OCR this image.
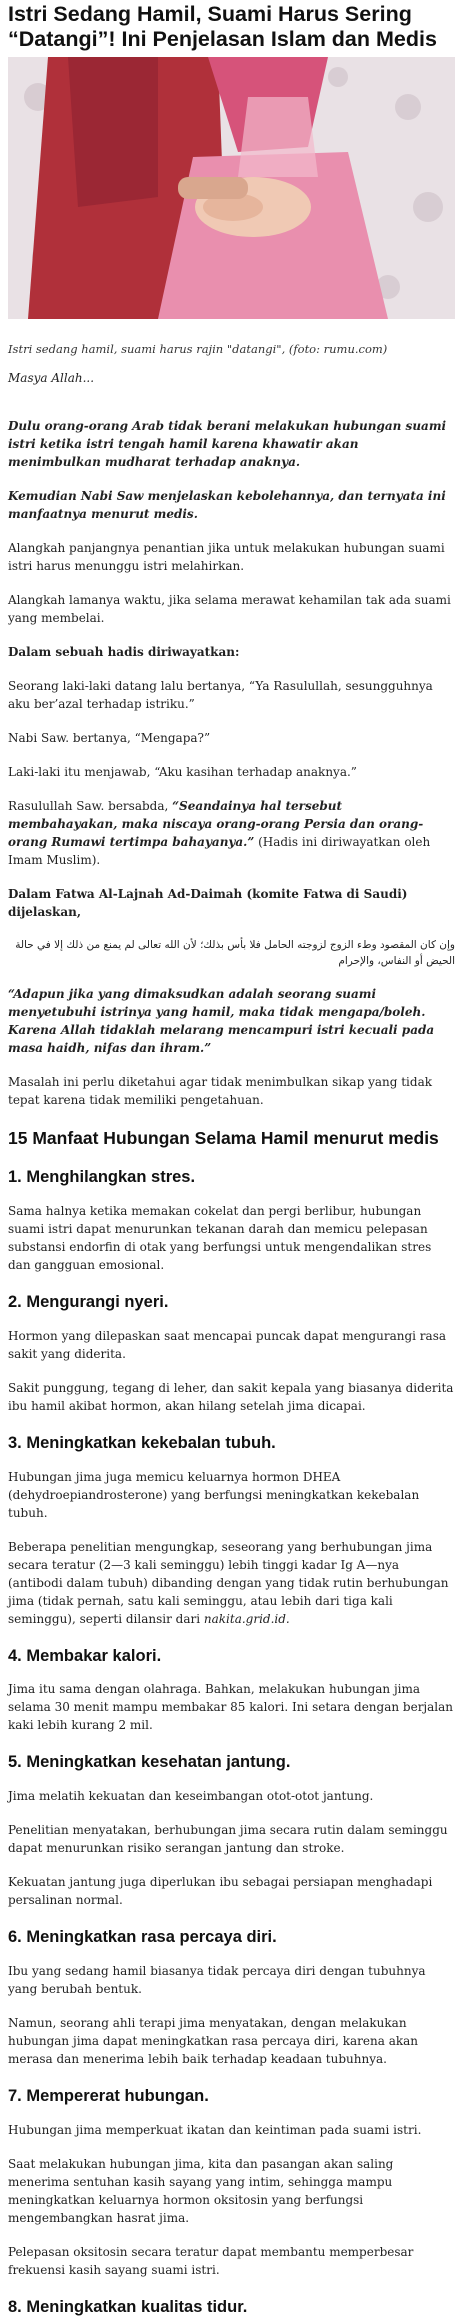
Istri Sedang Hamil, Suami Harus Sering “Datangi”! Ini Penjelasan Islam dan Medis

Istri sedang hamil, suami harus rajin "datangi", (foto: rumu.com)

Masya Allah...

Dulu orang-orang Arab tidak berani melakukan hubungan suami istri ketika istri tengah hamil karena khawatir akan menimbulkan mudharat terhadap anaknya.

Kemudian Nabi Saw menjelaskan kebolehannya, dan ternyata ini manfaatnya menurut medis.

Alangkah panjangnya penantian jika untuk melakukan hubungan suami istri harus menunggu istri melahirkan.

Alangkah lamanya waktu, jika selama merawat kehamilan tak ada suami yang membelai.

Dalam sebuah hadis diriwayatkan:

Seorang laki-laki datang lalu bertanya, “Ya Rasulullah, sesungguhnya aku ber’azal terhadap istriku.”

Nabi Saw. bertanya, “Mengapa?”

Laki-laki itu menjawab, “Aku kasihan terhadap anaknya.”

Rasulullah Saw. bersabda, “Seandainya hal tersebut membahayakan, maka niscaya orang-orang Persia dan orang-orang Rumawi tertimpa bahayanya.” (Hadis ini diriwayatkan oleh Imam Muslim).

Dalam Fatwa Al-Lajnah Ad-Daimah (komite Fatwa di Saudi) dijelaskan,

وإن كان المقصود وطء الزوج لزوجته الحامل فلا بأس بذلك؛ لأن الله تعالى لم يمنع من ذلك إلا في حالة الحيض أو النفاس، والإحرام

“Adapun jika yang dimaksudkan adalah seorang suami menyetubuhi istrinya yang hamil, maka tidak mengapa/boleh. Karena Allah tidaklah melarang mencampuri istri kecuali pada masa haidh, nifas dan ihram.”

Masalah ini perlu diketahui agar tidak menimbulkan sikap yang tidak tepat karena tidak memiliki pengetahuan.

15 Manfaat Hubungan Selama Hamil menurut medis
1. Menghilangkan stres.

Sama halnya ketika memakan cokelat dan pergi berlibur, hubungan suami istri dapat menurunkan tekanan darah dan memicu pelepasan substansi endorfin di otak yang berfungsi untuk mengendalikan stres dan gangguan emosional.

2. Mengurangi nyeri.

Hormon yang dilepaskan saat mencapai puncak dapat mengurangi rasa sakit yang diderita.

Sakit punggung, tegang di leher, dan sakit kepala yang biasanya diderita ibu hamil akibat hormon, akan hilang setelah jima dicapai.

3. Meningkatkan kekebalan tubuh.

Hubungan jima juga memicu keluarnya hormon DHEA (dehydroepiandrosterone) yang berfungsi meningkatkan kekebalan tubuh.

Beberapa penelitian mengungkap, seseorang yang berhubungan jima secara teratur (2—3 kali seminggu) lebih tinggi kadar Ig A—nya (antibodi dalam tubuh) dibanding dengan yang tidak rutin berhubungan jima (tidak pernah, satu kali seminggu, atau lebih dari tiga kali seminggu), seperti dilansir dari nakita.grid.id.

4. Membakar kalori.

Jima itu sama dengan olahraga. Bahkan, melakukan hubungan jima selama 30 menit mampu membakar 85 kalori. Ini setara dengan berjalan kaki lebih kurang 2 mil.

5. Meningkatkan kesehatan jantung.

Jima melatih kekuatan dan keseimbangan otot-otot jantung.

Penelitian menyatakan, berhubungan jima secara rutin dalam seminggu dapat menurunkan risiko serangan jantung dan stroke.

Kekuatan jantung juga diperlukan ibu sebagai persiapan menghadapi persalinan normal.

6. Meningkatkan rasa percaya diri.

Ibu yang sedang hamil biasanya tidak percaya diri dengan tubuhnya yang berubah bentuk.

Namun, seorang ahli terapi jima menyatakan, dengan melakukan hubungan jima dapat meningkatkan rasa percaya diri, karena akan merasa dan menerima lebih baik terhadap keadaan tubuhnya.

7. Mempererat hubungan.

Hubungan jima memperkuat ikatan dan keintiman pada suami istri.

Saat melakukan hubungan jima, kita dan pasangan akan saling menerima sentuhan kasih sayang yang intim, sehingga mampu meningkatkan keluarnya hormon oksitosin yang berfungsi mengembangkan hasrat jima.

Pelepasan oksitosin secara teratur dapat membantu memperbesar frekuensi kasih sayang suami istri.

8. Meningkatkan kualitas tidur.
